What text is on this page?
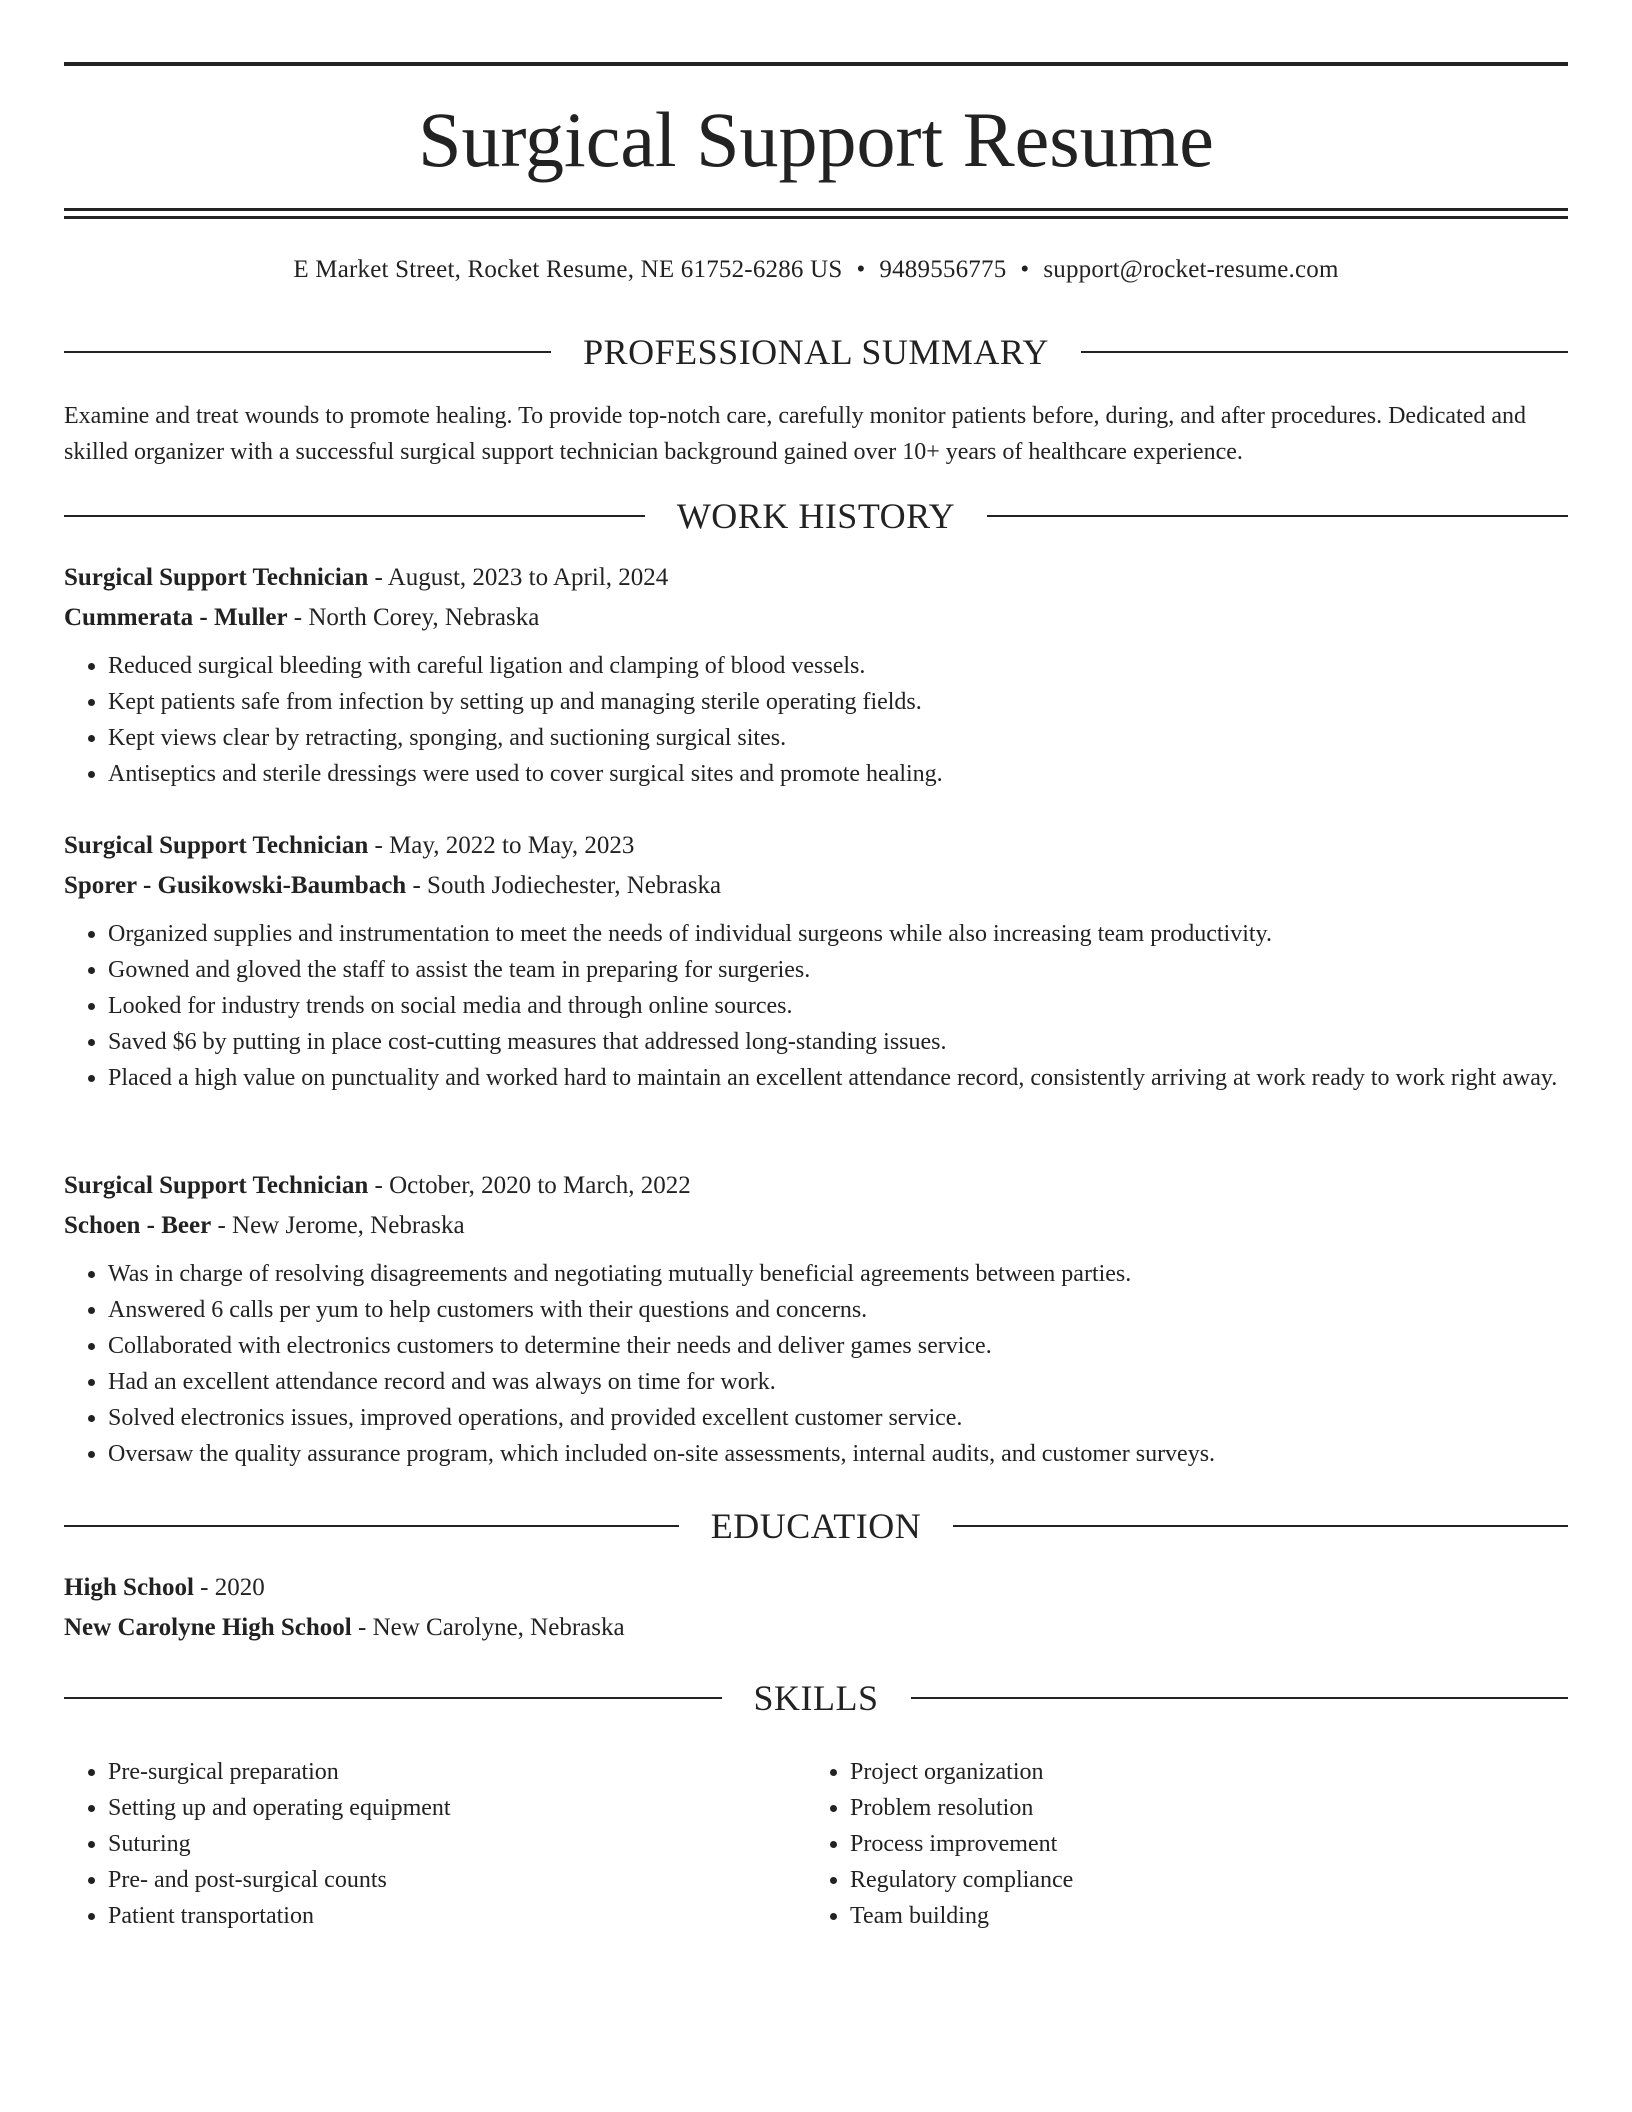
Surgical Support Resume
E Market Street, Rocket Resume, NE 61752-6286 US • 9489556775 • support@rocket-resume.com
PROFESSIONAL SUMMARY

Examine and treat wounds to promote healing. To provide top-notch care, carefully monitor patients before, during, and after procedures. Dedicated and skilled organizer with a successful surgical support technician background gained over 10+ years of healthcare experience.

WORK HISTORY

Surgical Support Technician - August, 2023 to April, 2024

Cummerata - Muller - North Corey, Nebraska

• Reduced surgical bleeding with careful ligation and clamping of blood vessels.
• Kept patients safe from infection by setting up and managing sterile operating fields.
• Kept views clear by retracting, sponging, and suctioning surgical sites.
• Antiseptics and sterile dressings were used to cover surgical sites and promote healing.

Surgical Support Technician - May, 2022 to May, 2023

Sporer - Gusikowski-Baumbach - South Jodiechester, Nebraska

• Organized supplies and instrumentation to meet the needs of individual surgeons while also increasing team productivity.
• Gowned and gloved the staff to assist the team in preparing for surgeries.
• Looked for industry trends on social media and through online sources.
• Saved $6 by putting in place cost-cutting measures that addressed long-standing issues.
• Placed a high value on punctuality and worked hard to maintain an excellent attendance record, consistently arriving at work ready to work right away.

Surgical Support Technician - October, 2020 to March, 2022

Schoen - Beer - New Jerome, Nebraska

• Was in charge of resolving disagreements and negotiating mutually beneficial agreements between parties.
• Answered 6 calls per yum to help customers with their questions and concerns.
• Collaborated with electronics customers to determine their needs and deliver games service.
• Had an excellent attendance record and was always on time for work.
• Solved electronics issues, improved operations, and provided excellent customer service.
• Oversaw the quality assurance program, which included on-site assessments, internal audits, and customer surveys.
EDUCATION

High School - 2020

New Carolyne High School - New Carolyne, Nebraska

SKILLS
• Pre-surgical preparation
• Setting up and operating equipment
• Suturing
• Pre- and post-surgical counts
• Patient transportation
• Project organization
• Problem resolution
• Process improvement
• Regulatory compliance
• Team building
